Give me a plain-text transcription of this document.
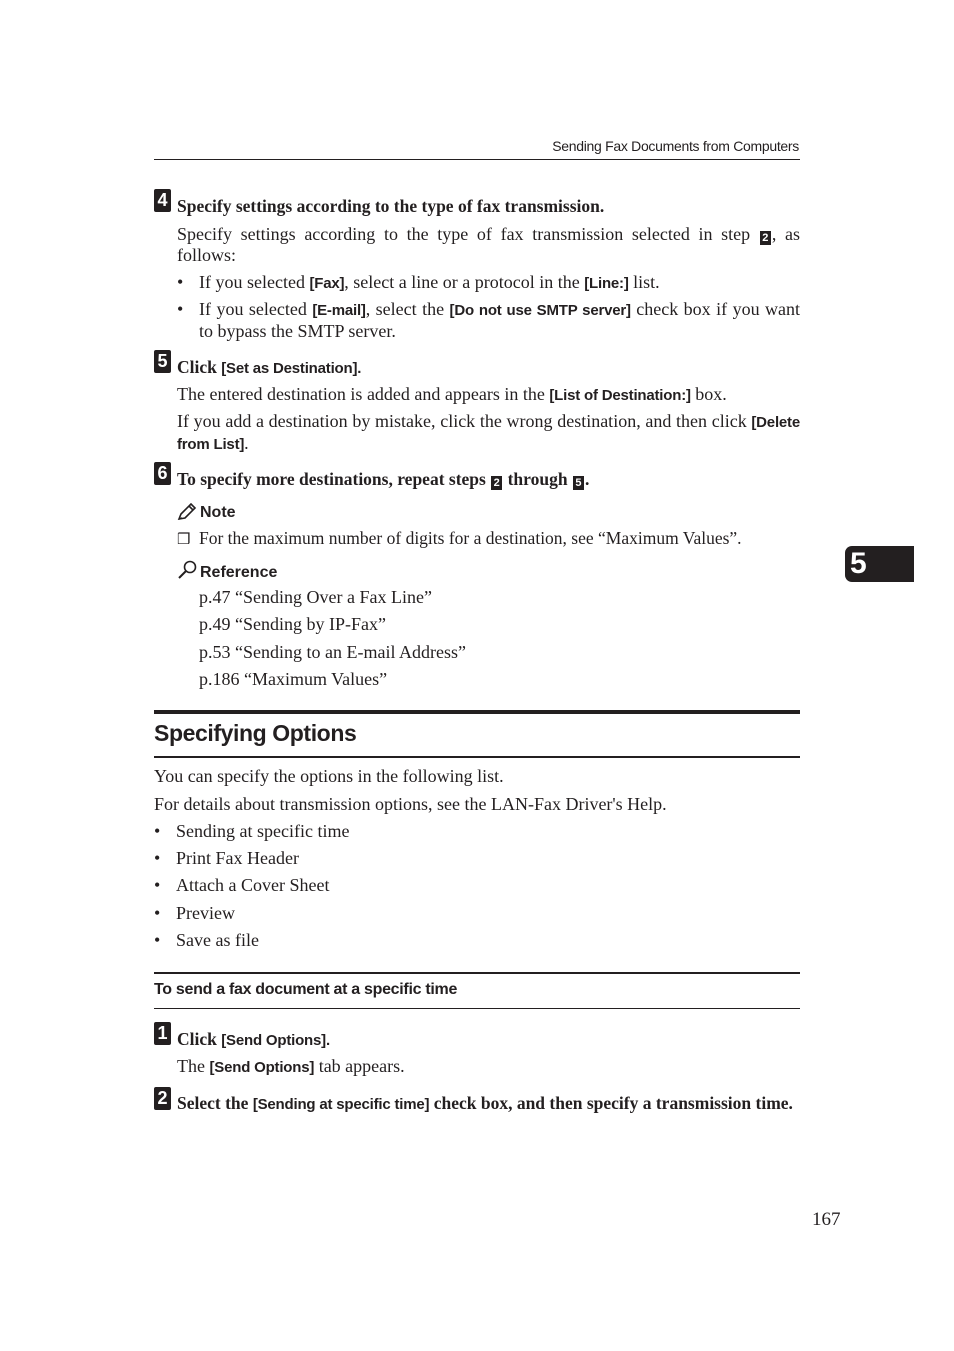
Sending Fax Documents from Computers
5
4 Specify settings according to the type of fax transmission.
Specify settings according to the type of fax transmission selected in step 2 , as follows:
• If you selected [Fax], select a line or a protocol in the [Line:] list.
• If you selected [E-mail], select the [Do not use SMTP server] check box if you want to bypass the SMTP server.
5 Click [Set as Destination].
The entered destination is added and appears in the [List of Destination:] box.
If you add a destination by mistake, click the wrong destination, and then click [Delete from List].
6 To specify more destinations, repeat steps 2 through 5 .
Note
❒ For the maximum number of digits for a destination, see “Maximum Values”.
Reference
p.47 “Sending Over a Fax Line”
p.49 “Sending by IP-Fax”
p.53 “Sending to an E-mail Address”
p.186 “Maximum Values”
Specifying Options
You can specify the options in the following list.
For details about transmission options, see the LAN-Fax Driver's Help.
• Sending at specific time
• Print Fax Header
• Attach a Cover Sheet
• Preview
• Save as file
To send a fax document at a specific time
1 Click [Send Options].
The [Send Options] tab appears.
2 Select the [Sending at specific time] check box, and then specify a transmission time.
167
